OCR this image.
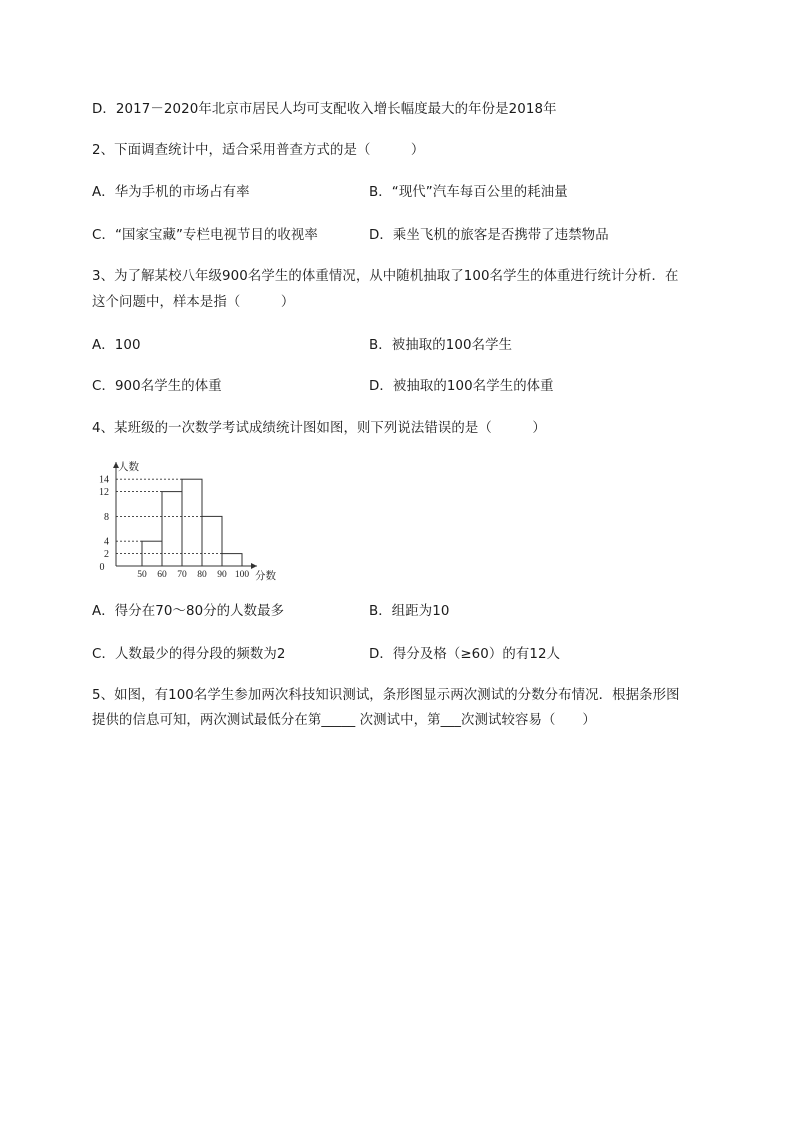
D．2017－2020年北京市居民人均可支配收入增长幅度最大的年份是2018年
2、下面调查统计中，适合采用普查方式的是（　　　）
A．华为手机的市场占有率	B．“现代”汽车每百公里的耗油量
C．“国家宝藏”专栏电视节目的收视率	D．乘坐飞机的旅客是否携带了违禁物品
3、为了解某校八年级900名学生的体重情况，从中随机抽取了100名学生的体重进行统计分析．在
这个问题中，样本是指（　　　）
A．100	B．被抽取的100名学生
C．900名学生的体重	D．被抽取的100名学生的体重
4、某班级的一次数学考试成绩统计图如图，则下列说法错误的是（　　　）
2
4
8
12
14
0
人数
50 60 70 80 90 100 分数
A．得分在70～80分的人数最多	B．组距为10
C．人数最少的得分段的频数为2	D．得分及格（≥60）的有12人
5、如图，有100名学生参加两次科技知识测试，条形图显示两次测试的分数分布情况．根据条形图
提供的信息可知，两次测试最低分在第_____ 次测试中，第___次测试较容易（　　）
